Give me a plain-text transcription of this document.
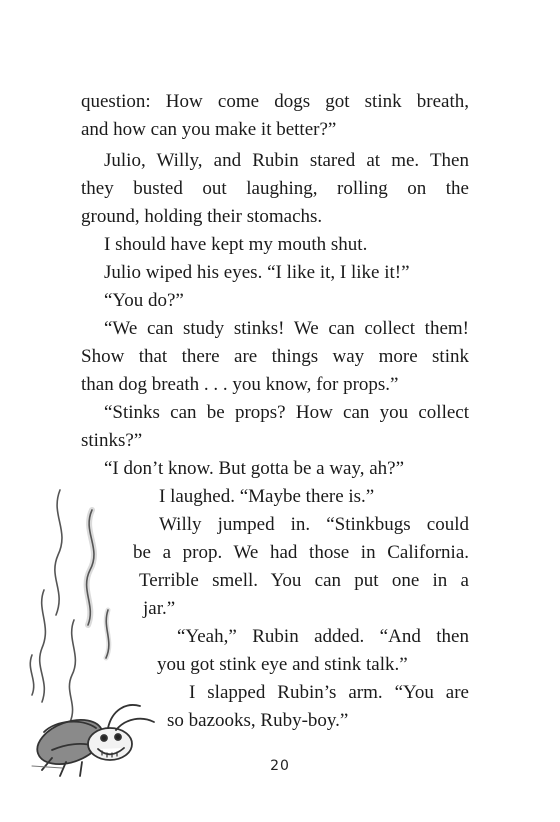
question: How come dogs got stink breath,
and how can you make it better?”
Julio, Willy, and Rubin stared at me. Then
they busted out laughing, rolling on the
ground, holding their stomachs.
I should have kept my mouth shut.
Julio wiped his eyes. “I like it, I like it!”
“You do?”
“We can study stinks! We can collect them!
Show that there are things way more stink
than dog breath . . . you know, for props.”
“Stinks can be props? How can you collect
stinks?”
“I don’t know. But gotta be a way, ah?”
I laughed. “Maybe there is.”
Willy jumped in. “Stinkbugs could
be a prop. We had those in California.
Terrible smell. You can put one in a
jar.”
“Yeah,” Rubin added. “And then
you got stink eye and stink talk.”
I slapped Rubin’s arm. “You are
so bazooks, Ruby-boy.”
20
